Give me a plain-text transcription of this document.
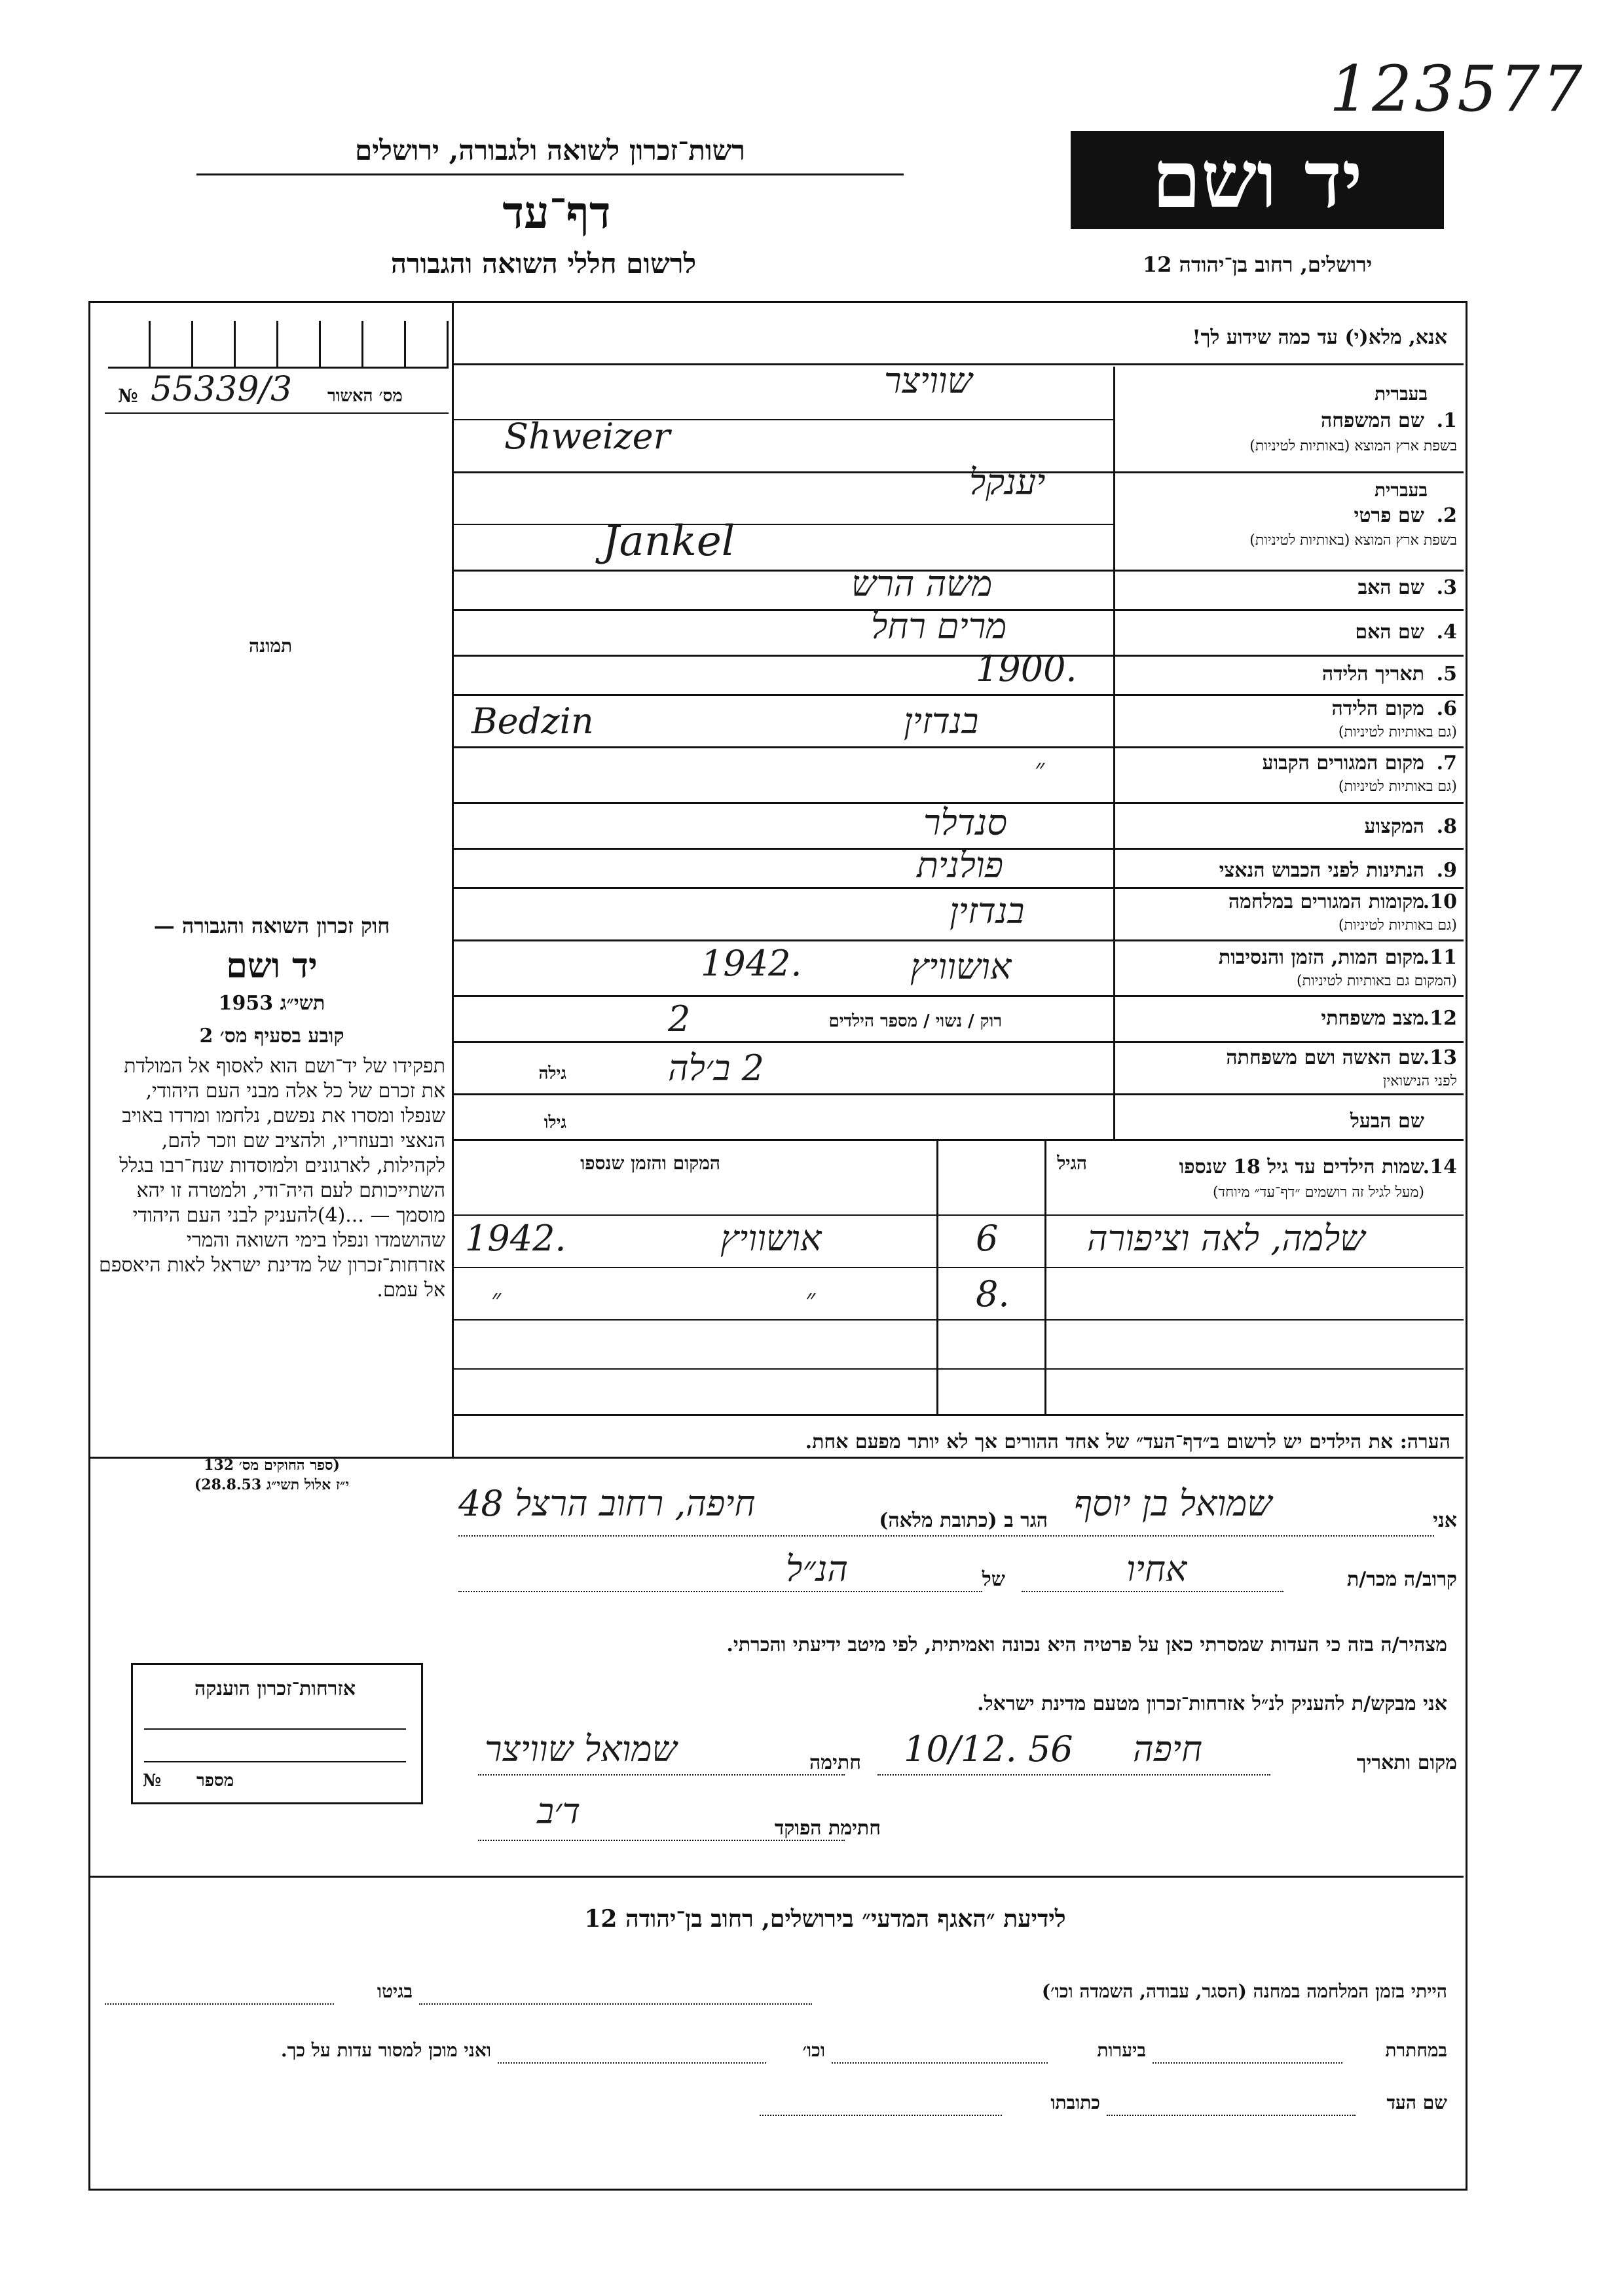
123577
רשות־זכרון לשואה ולגבורה, ירושלים
דף־עד
לרשום חללי השואה והגבורה
יד ושם
ירושלים, רחוב בן־יהודה 12
מס׳ האשור
№ 55339/3
תמונה
חוק זכרון השואה והגבורה —
יד ושם
תשי״ג 1953
קובע בסעיף מס׳ 2
תפקידו של יד־ושם הוא לאסוף אל המולדת את זכרם של כל אלה מבני העם היהודי, שנפלו ומסרו את נפשם, נלחמו ומרדו באויב הנאצי ובעוזריו, ולהציב שם וזכר להם, לקהילות, לארגונים ולמוסדות שנח־רבו בגלל השתייכותם לעם היה־ודי, ולמטרה זו יהא מוסמך — ...(4)להעניק לבני העם היהודי שהושמדו ונפלו בימי השואה והמרי אזרחות־זכרון של מדינת ישראל לאות היאספם אל עמם.
(ספר החוקים מס׳ 132
י״ז אלול תשי״ג 28.8.53)
אנא, מלא(י) עד כמה שידוע לך!
בעברית
1.
שם המשפחה
בשפת ארץ המוצא (באותיות לטיניות)
שוויצר
Shweizer
בעברית
2.
שם פרטי
בשפת ארץ המוצא (באותיות לטיניות)
יענקל
Jankel
3.
שם האב
משה הרש
4.
שם האם
מרים רחל
5.
תאריך הלידה
1900.
6.
מקום הלידה
(גם באותיות לטיניות)
בנדזין
Bedzin
7.
מקום המגורים הקבוע
(גם באותיות לטיניות)
״
8.
המקצוע
סנדלר
9.
הנתינות לפני הכבוש הנאצי
פולנית
10.
מקומות המגורים במלחמה
(גם באותיות לטיניות)
בנדזין
11.
מקום המות, הזמן והנסיבות
(המקום גם באותיות לטיניות)
אושוויץ
1942.
12.
מצב משפחתי
רוק / נשוי / מספר הילדים
2
13.
שם האשה ושם משפחתה
לפני הנישואין
גילה	2 ב׳לה
שם הבעל
גילו
14.
שמות הילדים עד גיל 18 שנספו
(מעל לגיל זה רושמים ״דף־עד״ מיוחד)
הגיל
המקום והזמן שנספו
שלמה, לאה וציפורה
6
אושוויץ
1942.
8.
״
״
הערה: את הילדים יש לרשום ב״דף־העד״ של אחד ההורים אך לא יותר מפעם אחת.
אני
שמואל בן יוסף
הגר ב (כתובת מלאה)
חיפה, רחוב הרצל 48
קרוב/ה מכר/ת
אחיו
של
הנ״ל
מצהיר/ה בזה כי העדות שמסרתי כאן על פרטיה היא נכונה ואמיתית, לפי מיטב ידיעתי והכרתי.
אני מבקש/ת להעניק לנ״ל אזרחות־זכרון מטעם מדינת ישראל.
מקום ותאריך
חיפה
10/12. 56
חתימה
שמואל שוויצר
חתימת הפוקד
ד׳ב
אזרחות־זכרון הוענקה
מספר
№
לידיעת ״האגף המדעי״ בירושלים, רחוב בן־יהודה 12
הייתי בזמן המלחמה במחנה (הסגר, עבודה, השמדה וכו׳)
בגיטו
במחתרת
ביערות
וכו׳
ואני מוכן למסור עדות על כך.
שם העד
כתובתו
